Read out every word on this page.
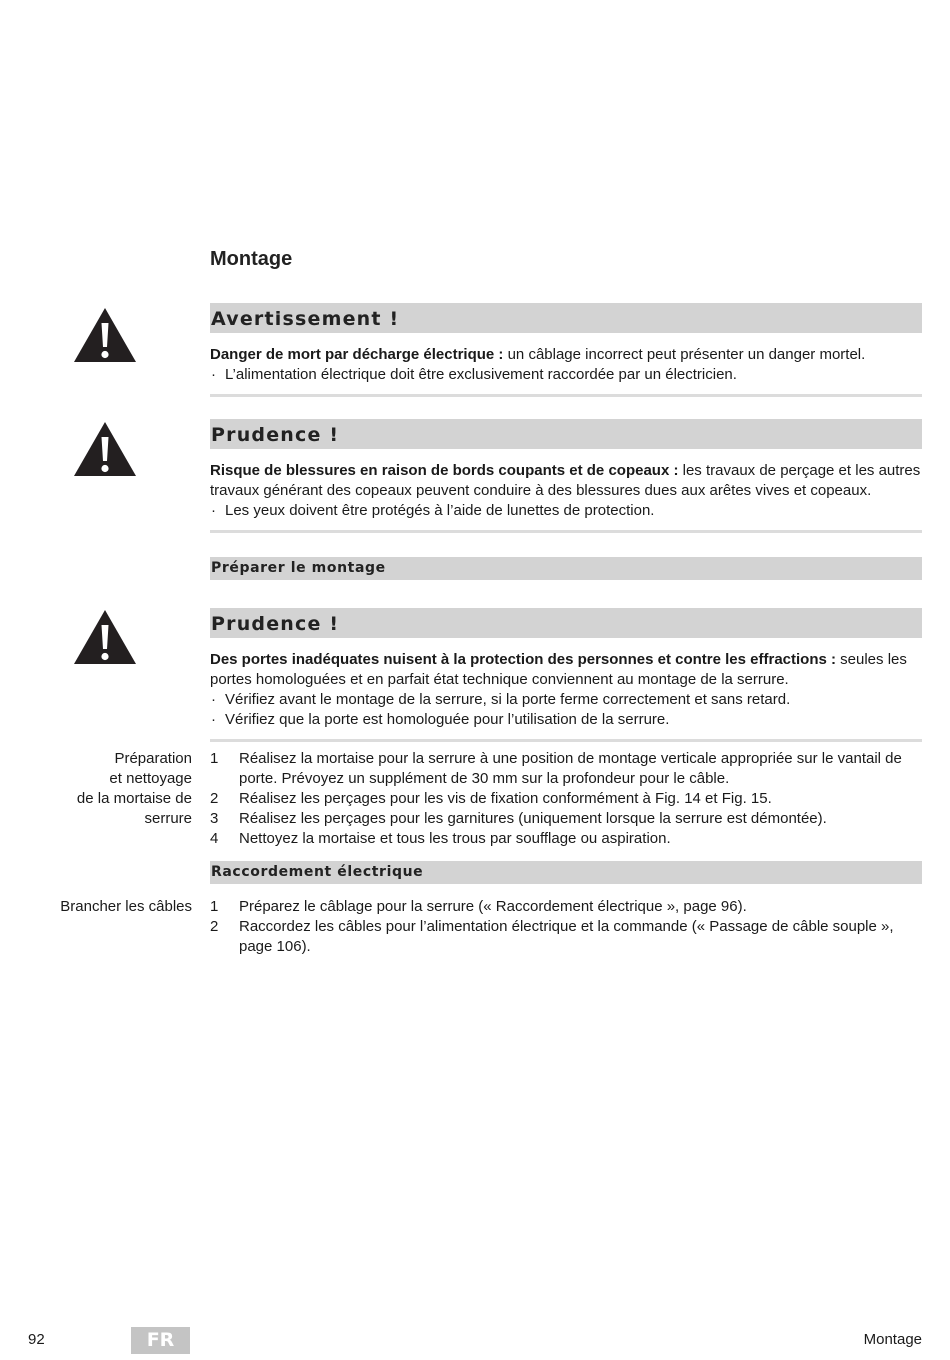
Montage
Avertissement !
Danger de mort par décharge électrique : un câblage incorrect peut présenter un danger mortel.
· L’alimentation électrique doit être exclusivement raccordée par un électricien.
Prudence !
Risque de blessures en raison de bords coupants et de copeaux : les travaux de perçage et les autres travaux générant des copeaux peuvent conduire à des blessures dues aux arêtes vives et copeaux.
· Les yeux doivent être protégés à l’aide de lunettes de protection.
Préparer le montage
Prudence !
Des portes inadéquates nuisent à la protection des personnes et contre les effractions : seules les portes homologuées et en parfait état technique conviennent au montage de la serrure.
· Vérifiez avant le montage de la serrure, si la porte ferme correctement et sans retard.
· Vérifiez que la porte est homologuée pour l’utilisation de la serrure.
Préparation
et nettoyage
de la mortaise de
serrure
1 Réalisez la mortaise pour la serrure à une position de montage verticale appropriée sur le vantail de porte. Prévoyez un supplément de 30 mm sur la profondeur pour le câble.
2 Réalisez les perçages pour les vis de fixation conformément à Fig. 14 et Fig. 15.
3 Réalisez les perçages pour les garnitures (uniquement lorsque la serrure est démontée).
4 Nettoyez la mortaise et tous les trous par soufflage ou aspiration.
Raccordement électrique
Brancher les câbles 1 Préparez le câblage pour la serrure (« Raccordement électrique », page 96).
2 Raccordez les câbles pour l’alimentation électrique et la commande (« Passage de câble souple », page 106).
92	FR	Montage
